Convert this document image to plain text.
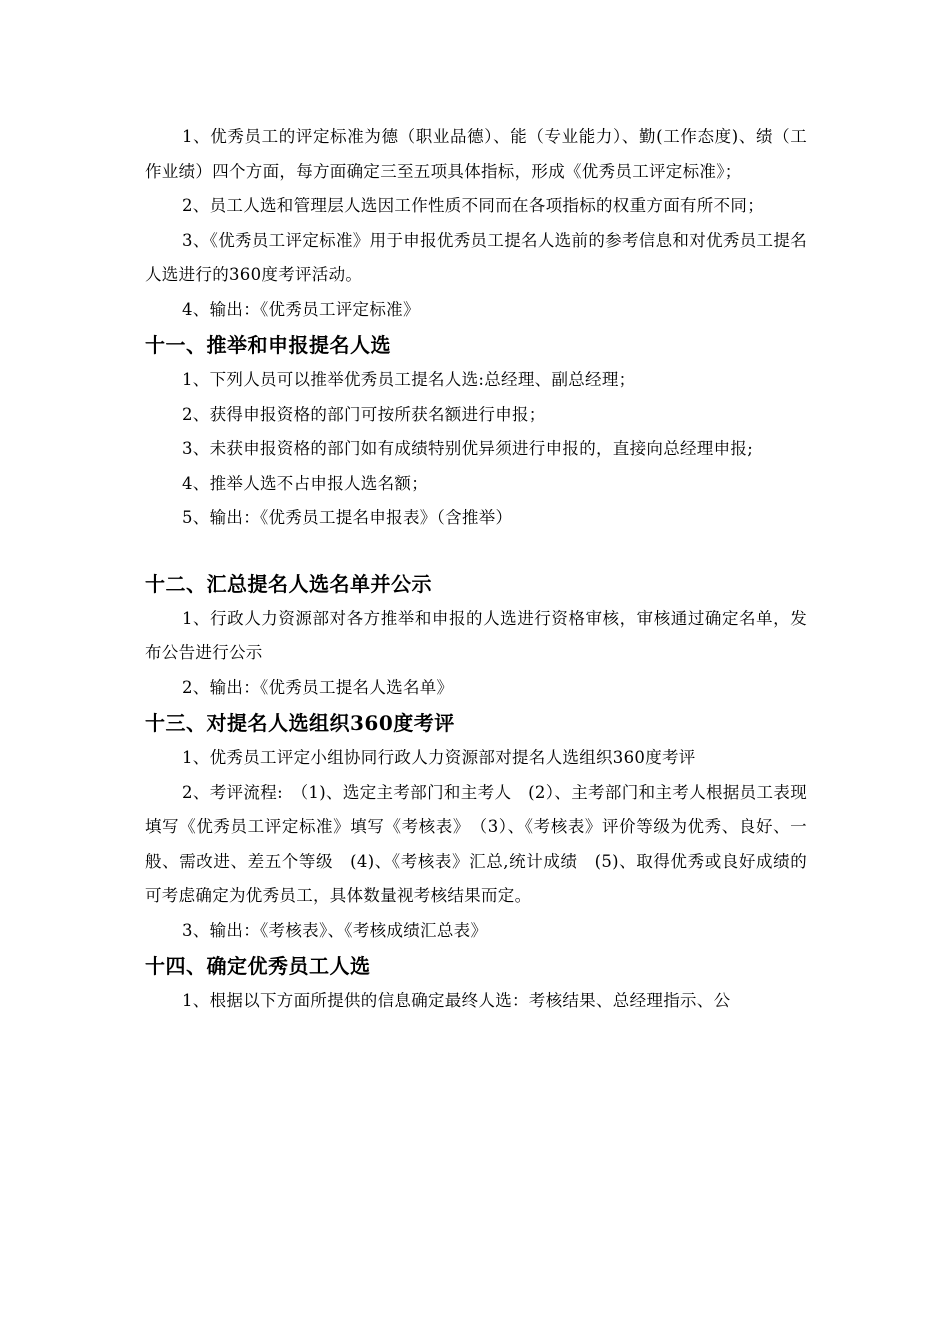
1、优秀员工的评定标准为德（职业品德）、能（专业能力）、勤(工作态度)、绩（工作业绩）四个方面，每方面确定三至五项具体指标，形成《优秀员工评定标准》；

2、员工人选和管理层人选因工作性质不同而在各项指标的权重方面有所不同；

3、《优秀员工评定标准》用于申报优秀员工提名人选前的参考信息和对优秀员工提名人选进行的360度考评活动。

4、输出：《优秀员工评定标准》

十一、推举和申报提名人选

1、下列人员可以推举优秀员工提名人选:总经理、副总经理；

2、获得申报资格的部门可按所获名额进行申报；

3、未获申报资格的部门如有成绩特别优异须进行申报的，直接向总经理申报;

4、推举人选不占申报人选名额；

5、输出：《优秀员工提名申报表》（含推举）

十二、汇总提名人选名单并公示

1、行政人力资源部对各方推举和申报的人选进行资格审核，审核通过确定名单，发布公告进行公示

2、输出：《优秀员工提名人选名单》

十三、对提名人选组织360度考评

1、优秀员工评定小组协同行政人力资源部对提名人选组织360度考评

2、考评流程:　（1)、选定主考部门和主考人　(2）、主考部门和主考人根据员工表现填写《优秀员工评定标准》填写《考核表》　（3）、《考核表》评价等级为优秀、良好、一般、需改进、差五个等级　(4)、《考核表》汇总,统计成绩　(5)、取得优秀或良好成绩的可考虑确定为优秀员工，具体数量视考核结果而定。

3、输出：《考核表》、《考核成绩汇总表》

十四、确定优秀员工人选

1、根据以下方面所提供的信息确定最终人选：考核结果、总经理指示、公
